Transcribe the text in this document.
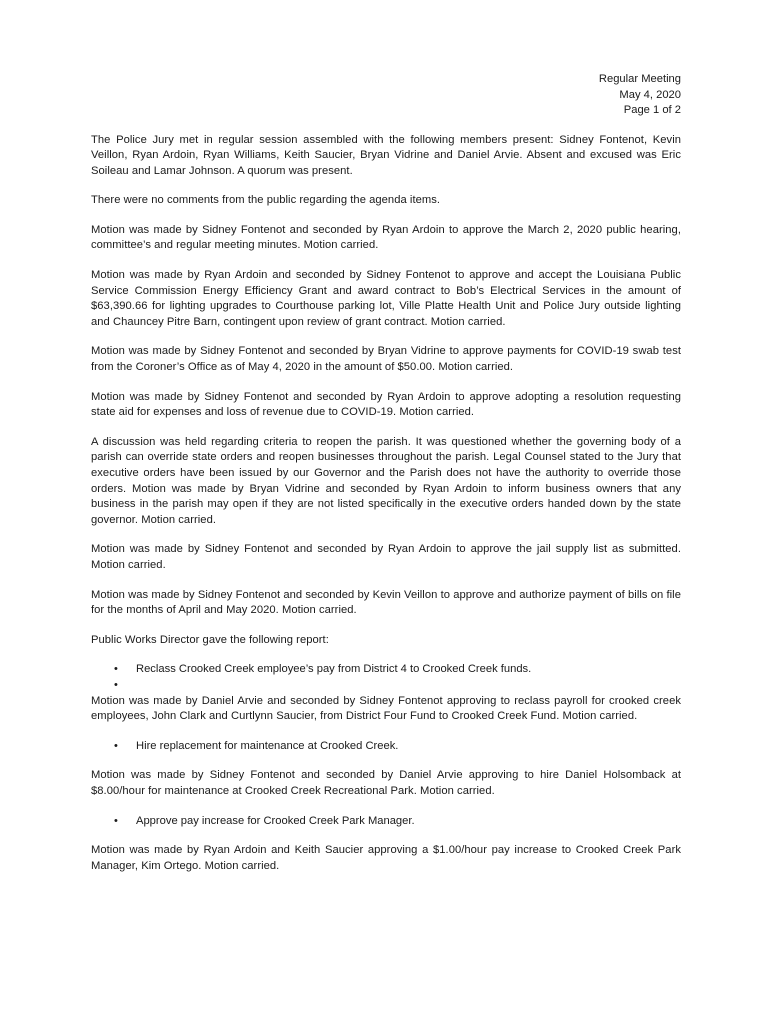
Regular Meeting
May 4, 2020
Page 1 of 2

The Police Jury met in regular session assembled with the following members present: Sidney Fontenot, Kevin Veillon, Ryan Ardoin, Ryan Williams, Keith Saucier, Bryan Vidrine and Daniel Arvie. Absent and excused was Eric Soileau and Lamar Johnson. A quorum was present.

There were no comments from the public regarding the agenda items.

Motion was made by Sidney Fontenot and seconded by Ryan Ardoin to approve the March 2, 2020 public hearing, committee’s and regular meeting minutes. Motion carried.

Motion was made by Ryan Ardoin and seconded by Sidney Fontenot to approve and accept the Louisiana Public Service Commission Energy Efficiency Grant and award contract to Bob’s Electrical Services in the amount of $63,390.66 for lighting upgrades to Courthouse parking lot, Ville Platte Health Unit and Police Jury outside lighting and Chauncey Pitre Barn, contingent upon review of grant contract. Motion carried.

Motion was made by Sidney Fontenot and seconded by Bryan Vidrine to approve payments for COVID-19 swab test from the Coroner’s Office as of May 4, 2020 in the amount of $50.00. Motion carried.

Motion was made by Sidney Fontenot and seconded by Ryan Ardoin to approve adopting a resolution requesting state aid for expenses and loss of revenue due to COVID-19. Motion carried.

A discussion was held regarding criteria to reopen the parish. It was questioned whether the governing body of a parish can override state orders and reopen businesses throughout the parish. Legal Counsel stated to the Jury that executive orders have been issued by our Governor and the Parish does not have the authority to override those orders. Motion was made by Bryan Vidrine and seconded by Ryan Ardoin to inform business owners that any business in the parish may open if they are not listed specifically in the executive orders handed down by the state governor. Motion carried.

Motion was made by Sidney Fontenot and seconded by Ryan Ardoin to approve the jail supply list as submitted. Motion carried.

Motion was made by Sidney Fontenot and seconded by Kevin Veillon to approve and authorize payment of bills on file for the months of April and May 2020. Motion carried.

Public Works Director gave the following report:

• Reclass Crooked Creek employee’s pay from District 4 to Crooked Creek funds.
•

Motion was made by Daniel Arvie and seconded by Sidney Fontenot approving to reclass payroll for crooked creek employees, John Clark and Curtlynn Saucier, from District Four Fund to Crooked Creek Fund. Motion carried.

• Hire replacement for maintenance at Crooked Creek.

Motion was made by Sidney Fontenot and seconded by Daniel Arvie approving to hire Daniel Holsomback at $8.00/hour for maintenance at Crooked Creek Recreational Park. Motion carried.

• Approve pay increase for Crooked Creek Park Manager.

Motion was made by Ryan Ardoin and Keith Saucier approving a $1.00/hour pay increase to Crooked Creek Park Manager, Kim Ortego. Motion carried.
